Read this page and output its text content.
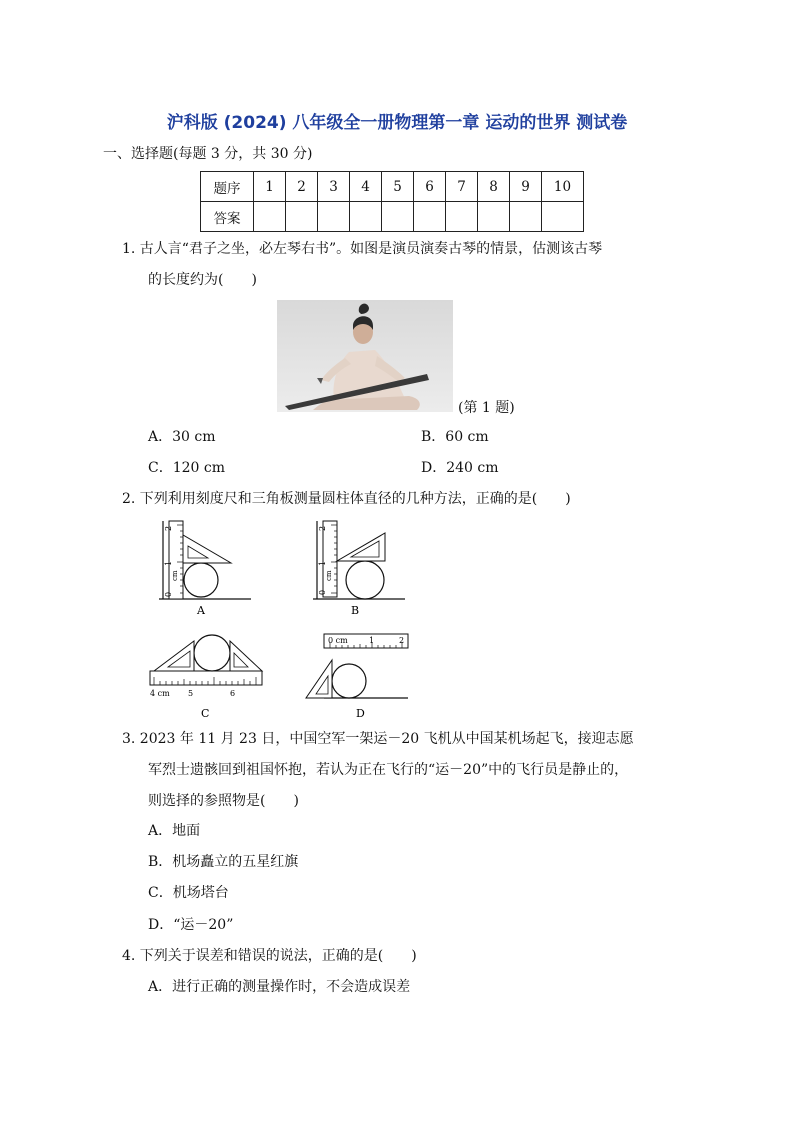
沪科版 (2024) 八年级全一册物理第一章 运动的世界 测试卷
一、选择题(每题 3 分，共 30 分)
题序	1	2	3	4	5	6	7	8	9	10
答案										
1. 古人言“君子之坐，必左琴右书”。如图是演员演奏古琴的情景，估测该古琴
的长度约为(　　)
(第 1 题)
A．30 cm	B．60 cm
C．120 cm	D．240 cm
2. 下列利用刻度尺和三角板测量圆柱体直径的几种方法，正确的是(　　)
2
1
0
cm
A
2
1
0
cm
B
4 cm 5	6
C
0 cm	1	2
D
3. 2023 年 11 月 23 日，中国空军一架运－20 飞机从中国某机场起飞，接迎志愿
军烈士遗骸回到祖国怀抱，若认为正在飞行的“运－20”中的飞行员是静止的，
则选择的参照物是(　　)
A．地面
B．机场矗立的五星红旗
C．机场塔台
D．“运－20”
4. 下列关于误差和错误的说法，正确的是(　　)
A．进行正确的测量操作时，不会造成误差
